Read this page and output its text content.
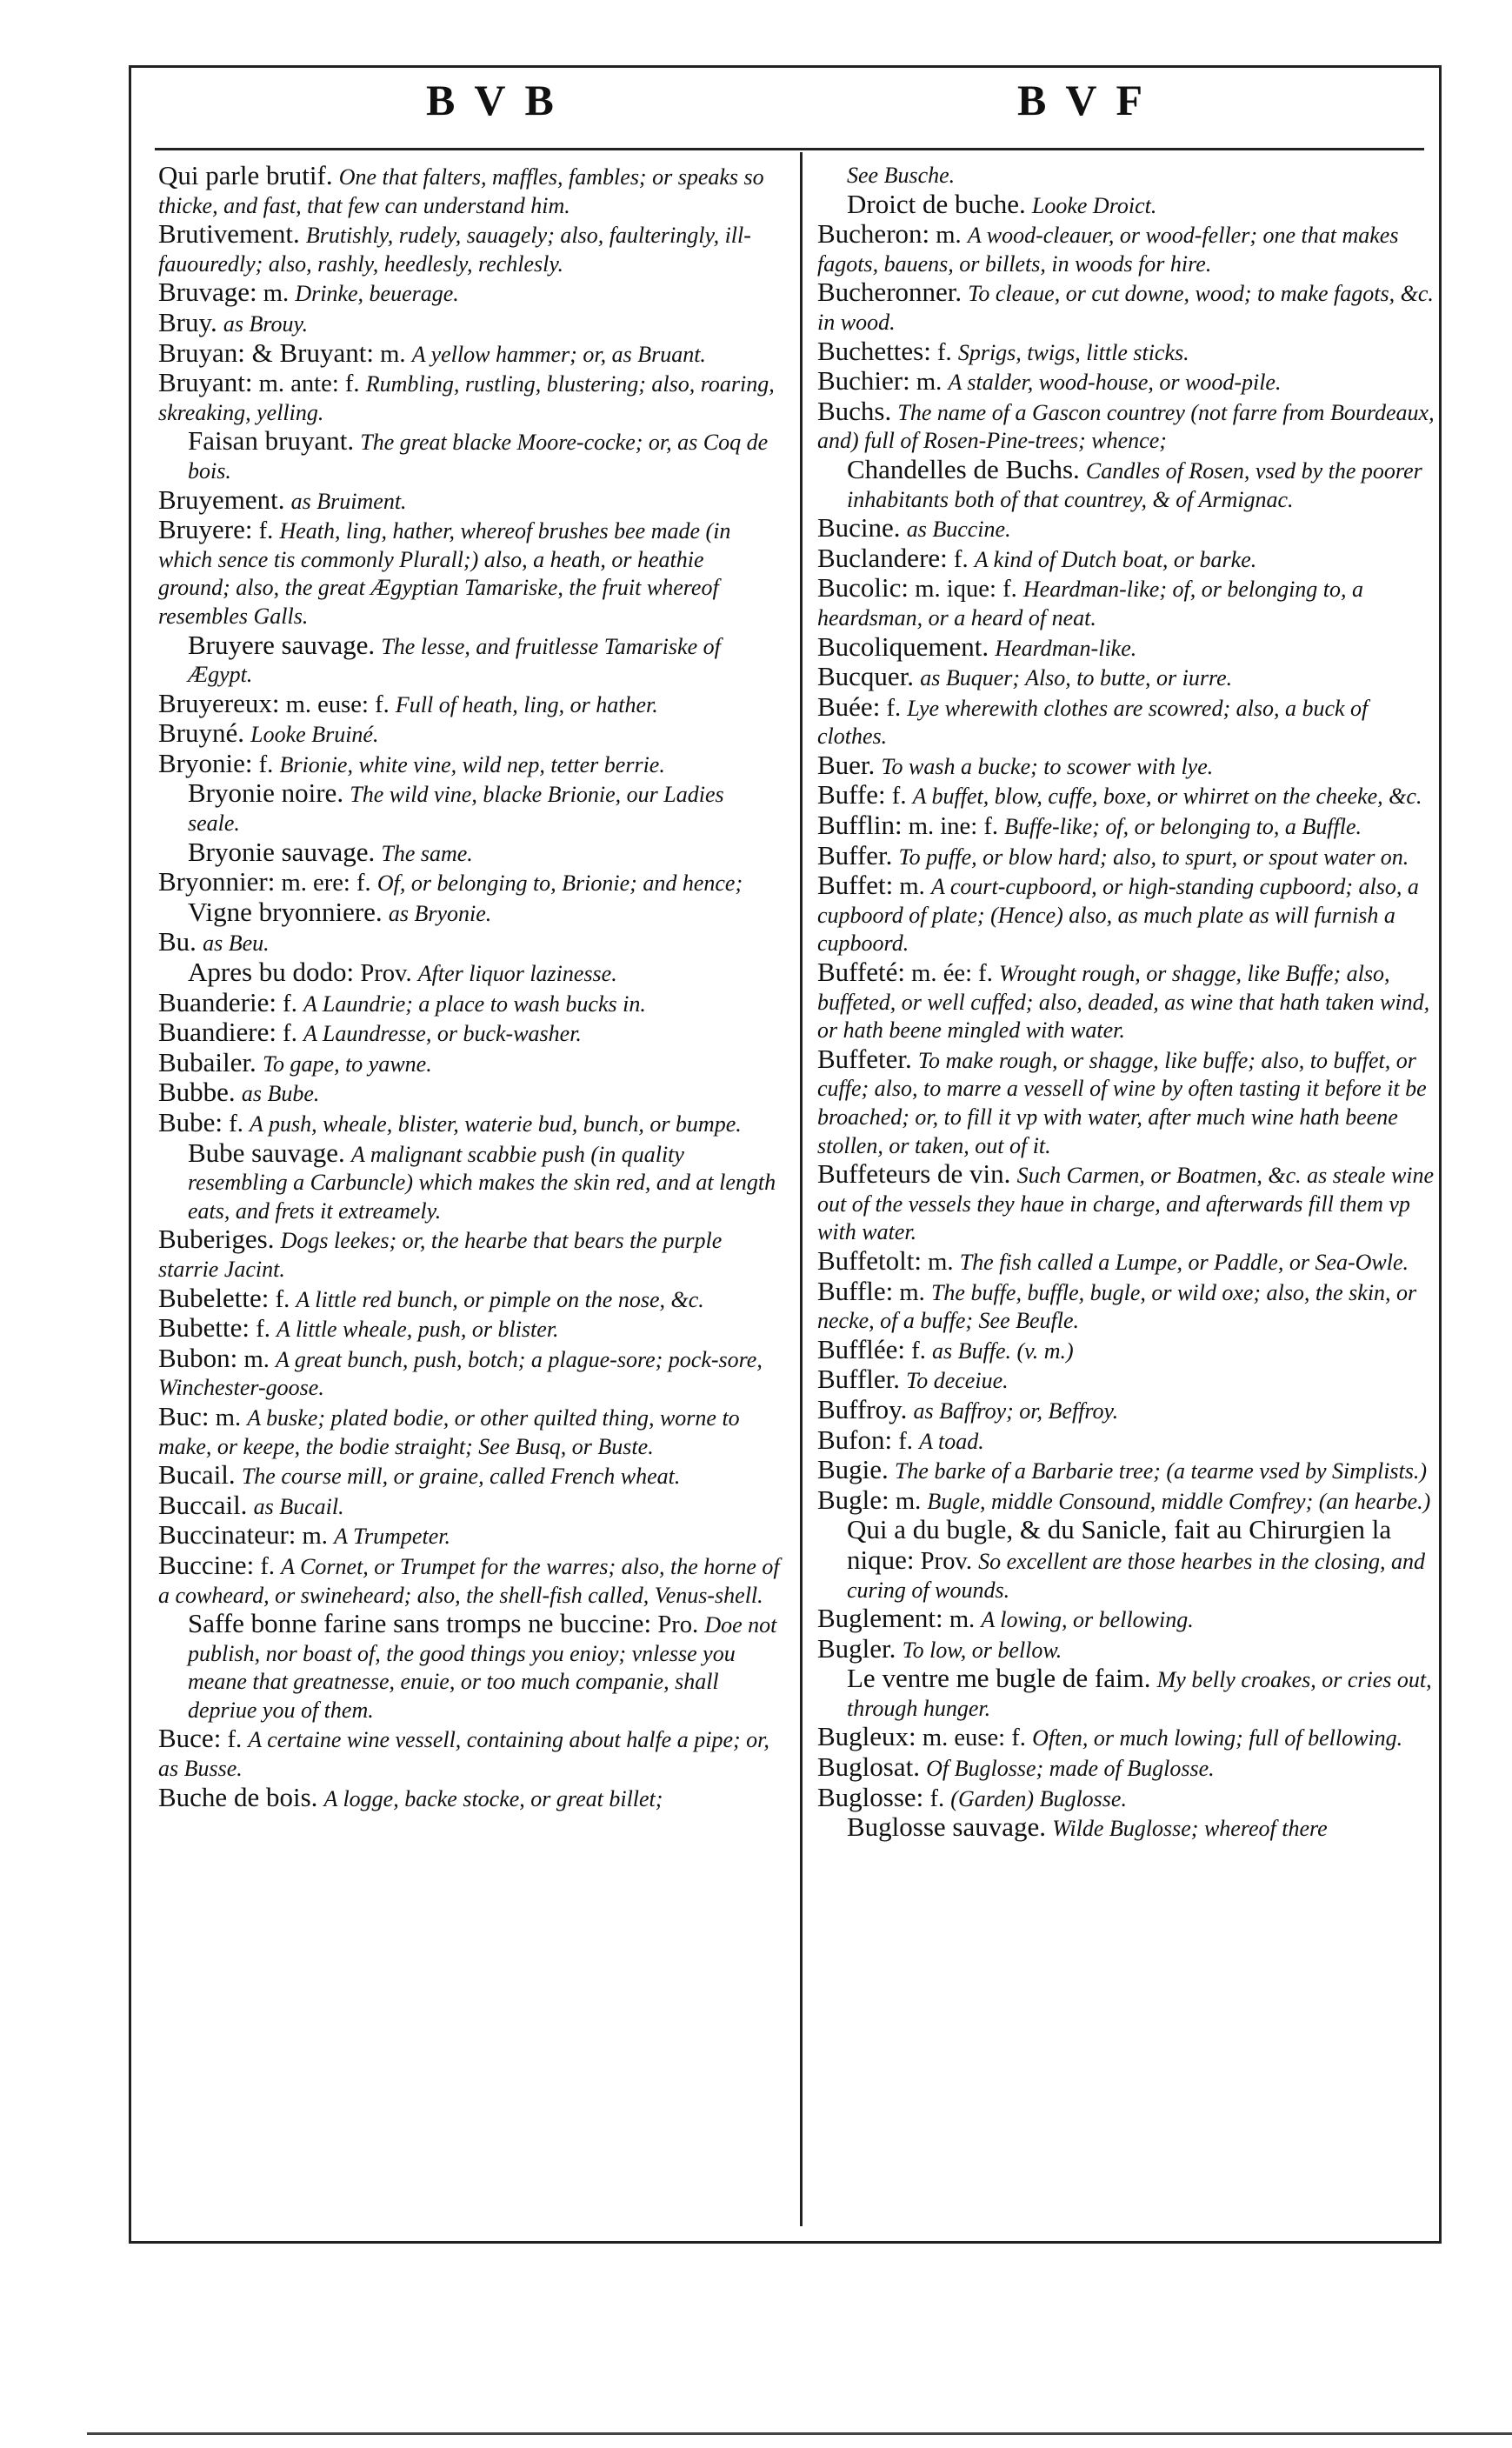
BVB	BVF

Qui parle brutif. One that falters, maffles, fambles; or speaks so thicke, and fast, that few can understand him.

Brutivement. Brutishly, rudely, sauagely; also, faulteringly, ill-fauouredly; also, rashly, heedlesly, rechlesly.

Bruvage: m. Drinke, beuerage.

Bruy. as Brouy.

Bruyan: & Bruyant: m. A yellow hammer; or, as Bruant.

Bruyant: m. ante: f. Rumbling, rustling, blustering; also, roaring, skreaking, yelling.

Faisan bruyant. The great blacke Moore-cocke; or, as Coq de bois.

Bruyement. as Bruiment.

Bruyere: f. Heath, ling, hather, whereof brushes bee made (in which sence tis commonly Plurall;) also, a heath, or heathie ground; also, the great Ægyptian Tamariske, the fruit whereof resembles Galls.

Bruyere sauvage. The lesse, and fruitlesse Tamariske of Ægypt.

Bruyereux: m. euse: f. Full of heath, ling, or hather.

Bruyné. Looke Bruiné.

Bryonie: f. Brionie, white vine, wild nep, tetter berrie.

Bryonie noire. The wild vine, blacke Brionie, our Ladies seale.

Bryonie sauvage. The same.

Bryonnier: m. ere: f. Of, or belonging to, Brionie; and hence;

Vigne bryonniere. as Bryonie.

Bu. as Beu.

Apres bu dodo: Prov. After liquor lazinesse.

Buanderie: f. A Laundrie; a place to wash bucks in.

Buandiere: f. A Laundresse, or buck-washer.

Bubailer. To gape, to yawne.

Bubbe. as Bube.

Bube: f. A push, wheale, blister, waterie bud, bunch, or bumpe.

Bube sauvage. A malignant scabbie push (in quality resembling a Carbuncle) which makes the skin red, and at length eats, and frets it extreamely.

Buberiges. Dogs leekes; or, the hearbe that bears the purple starrie Jacint.

Bubelette: f. A little red bunch, or pimple on the nose, &c.

Bubette: f. A little wheale, push, or blister.

Bubon: m. A great bunch, push, botch; a plague-sore; pock-sore, Winchester-goose.

Buc: m. A buske; plated bodie, or other quilted thing, worne to make, or keepe, the bodie straight; See Busq, or Buste.

Bucail. The course mill, or graine, called French wheat.

Buccail. as Bucail.

Buccinateur: m. A Trumpeter.

Buccine: f. A Cornet, or Trumpet for the warres; also, the horne of a cowheard, or swineheard; also, the shell-fish called, Venus-shell.

Saffe bonne farine sans tromps ne buccine: Pro. Doe not publish, nor boast of, the good things you enioy; vnlesse you meane that greatnesse, enuie, or too much companie, shall depriue you of them.

Buce: f. A certaine wine vessell, containing about halfe a pipe; or, as Busse.

Buche de bois. A logge, backe stocke, or great billet;

See Busche.

Droict de buche. Looke Droict.

Bucheron: m. A wood-cleauer, or wood-feller; one that makes fagots, bauens, or billets, in woods for hire.

Bucheronner. To cleaue, or cut downe, wood; to make fagots, &c. in wood.

Buchettes: f. Sprigs, twigs, little sticks.

Buchier: m. A stalder, wood-house, or wood-pile.

Buchs. The name of a Gascon countrey (not farre from Bourdeaux, and) full of Rosen-Pine-trees; whence;

Chandelles de Buchs. Candles of Rosen, vsed by the poorer inhabitants both of that countrey, & of Armignac.

Bucine. as Buccine.

Buclandere: f. A kind of Dutch boat, or barke.

Bucolic: m. ique: f. Heardman-like; of, or belonging to, a heardsman, or a heard of neat.

Bucoliquement. Heardman-like.

Bucquer. as Buquer; Also, to butte, or iurre.

Buée: f. Lye wherewith clothes are scowred; also, a buck of clothes.

Buer. To wash a bucke; to scower with lye.

Buffe: f. A buffet, blow, cuffe, boxe, or whirret on the cheeke, &c.

Bufflin: m. ine: f. Buffe-like; of, or belonging to, a Buffle.

Buffer. To puffe, or blow hard; also, to spurt, or spout water on.

Buffet: m. A court-cupboord, or high-standing cupboord; also, a cupboord of plate; (Hence) also, as much plate as will furnish a cupboord.

Buffeté: m. ée: f. Wrought rough, or shagge, like Buffe; also, buffeted, or well cuffed; also, deaded, as wine that hath taken wind, or hath beene mingled with water.

Buffeter. To make rough, or shagge, like buffe; also, to buffet, or cuffe; also, to marre a vessell of wine by often tasting it before it be broached; or, to fill it vp with water, after much wine hath beene stollen, or taken, out of it.

Buffeteurs de vin. Such Carmen, or Boatmen, &c. as steale wine out of the vessels they haue in charge, and afterwards fill them vp with water.

Buffetolt: m. The fish called a Lumpe, or Paddle, or Sea-Owle.

Buffle: m. The buffe, buffle, bugle, or wild oxe; also, the skin, or necke, of a buffe; See Beufle.

Bufflée: f. as Buffe. (v. m.)

Buffler. To deceiue.

Buffroy. as Baffroy; or, Beffroy.

Bufon: f. A toad.

Bugie. The barke of a Barbarie tree; (a tearme vsed by Simplists.)

Bugle: m. Bugle, middle Consound, middle Comfrey; (an hearbe.)

Qui a du bugle, & du Sanicle, fait au Chirurgien la nique: Prov. So excellent are those hearbes in the closing, and curing of wounds.

Buglement: m. A lowing, or bellowing.

Bugler. To low, or bellow.

Le ventre me bugle de faim. My belly croakes, or cries out, through hunger.

Bugleux: m. euse: f. Often, or much lowing; full of bellowing.

Buglosat. Of Buglosse; made of Buglosse.

Buglosse: f. (Garden) Buglosse.

Buglosse sauvage. Wilde Buglosse; whereof there
